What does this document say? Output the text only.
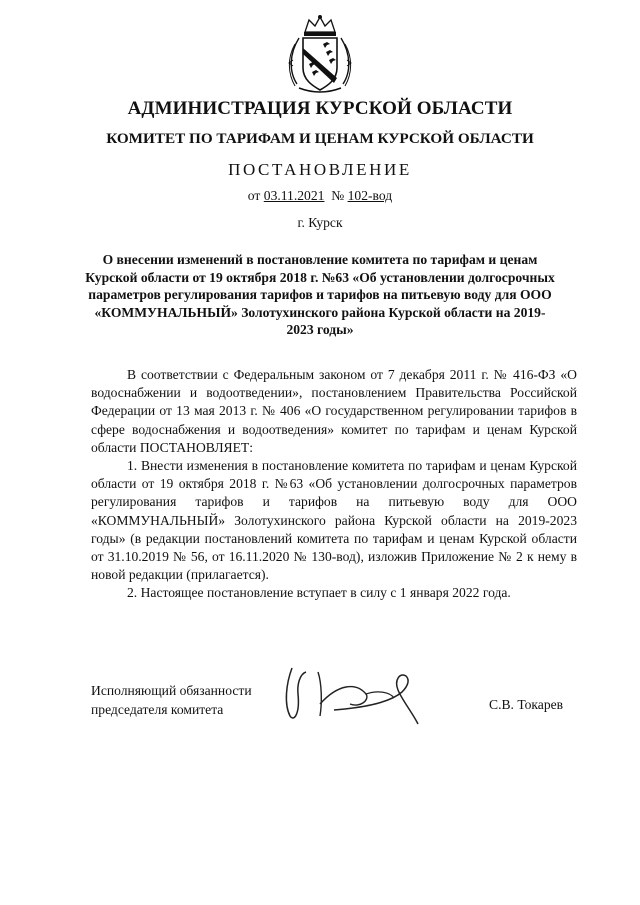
АДМИНИСТРАЦИЯ КУРСКОЙ ОБЛАСТИ
КОМИТЕТ ПО ТАРИФАМ И ЦЕНАМ КУРСКОЙ ОБЛАСТИ
ПОСТАНОВЛЕНИЕ
от 03.11.2021  № 102-вод
г. Курск
О внесении изменений в постановление комитета по тарифам и ценам Курской области от 19 октября 2018 г. №63 «Об установлении долгосрочных параметров регулирования тарифов и тарифов на питьевую воду для ООО «КОММУНАЛЬНЫЙ» Золотухинского района Курской области на 2019-2023 годы»

В соответствии с Федеральным законом от 7 декабря 2011 г. № 416-ФЗ «О водоснабжении и водоотведении», постановлением Правительства Российской Федерации от 13 мая 2013 г. № 406 «О государственном регулировании тарифов в сфере водоснабжения и водоотведения» комитет по тарифам и ценам Курской области ПОСТАНОВЛЯЕТ:

1. Внести изменения в постановление комитета по тарифам и ценам Курской области от 19 октября 2018 г. №63 «Об установлении долгосрочных параметров регулирования тарифов и тарифов на питьевую воду для ООО «КОММУНАЛЬНЫЙ» Золотухинского района Курской области на 2019-2023 годы» (в редакции постановлений комитета по тарифам и ценам Курской области от 31.10.2019 № 56, от 16.11.2020 № 130-вод), изложив Приложение № 2 к нему в новой редакции (прилагается).

2. Настоящее постановление вступает в силу с 1 января 2022 года.

Исполняющий обязанности
председателя комитета	С.В. Токарев
